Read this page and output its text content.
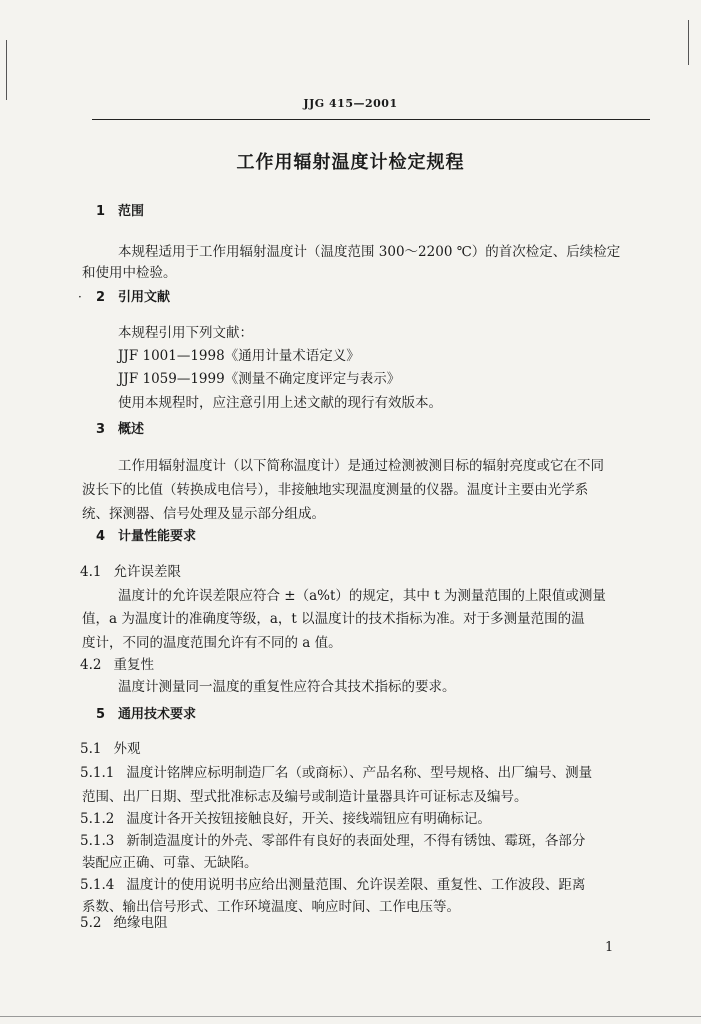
JJG 415—2001
工作用辐射温度计检定规程
·
1 范围
本规程适用于工作用辐射温度计（温度范围 300～2200 ℃）的首次检定、后续检定
和使用中检验。
2 引用文献
本规程引用下列文献：
JJF 1001—1998《通用计量术语定义》
JJF 1059—1999《测量不确定度评定与表示》
使用本规程时，应注意引用上述文献的现行有效版本。
3 概述
工作用辐射温度计（以下简称温度计）是通过检测被测目标的辐射亮度或它在不同
波长下的比值（转换成电信号），非接触地实现温度测量的仪器。温度计主要由光学系
统、探测器、信号处理及显示部分组成。
4 计量性能要求
4.1 允许误差限
温度计的允许误差限应符合 ±（a%t）的规定，其中 t 为测量范围的上限值或测量
值，a 为温度计的准确度等级，a，t 以温度计的技术指标为准。对于多测量范围的温
度计，不同的温度范围允许有不同的 a 值。
4.2 重复性
温度计测量同一温度的重复性应符合其技术指标的要求。
5 通用技术要求
5.1 外观
5.1.1 温度计铭牌应标明制造厂名（或商标）、产品名称、型号规格、出厂编号、测量
范围、出厂日期、型式批准标志及编号或制造计量器具许可证标志及编号。
5.1.2 温度计各开关按钮接触良好，开关、接线端钮应有明确标记。
5.1.3 新制造温度计的外壳、零部件有良好的表面处理，不得有锈蚀、霉斑，各部分
装配应正确、可靠、无缺陷。
5.1.4 温度计的使用说明书应给出测量范围、允许误差限、重复性、工作波段、距离
系数、输出信号形式、工作环境温度、响应时间、工作电压等。
5.2 绝缘电阻
1
